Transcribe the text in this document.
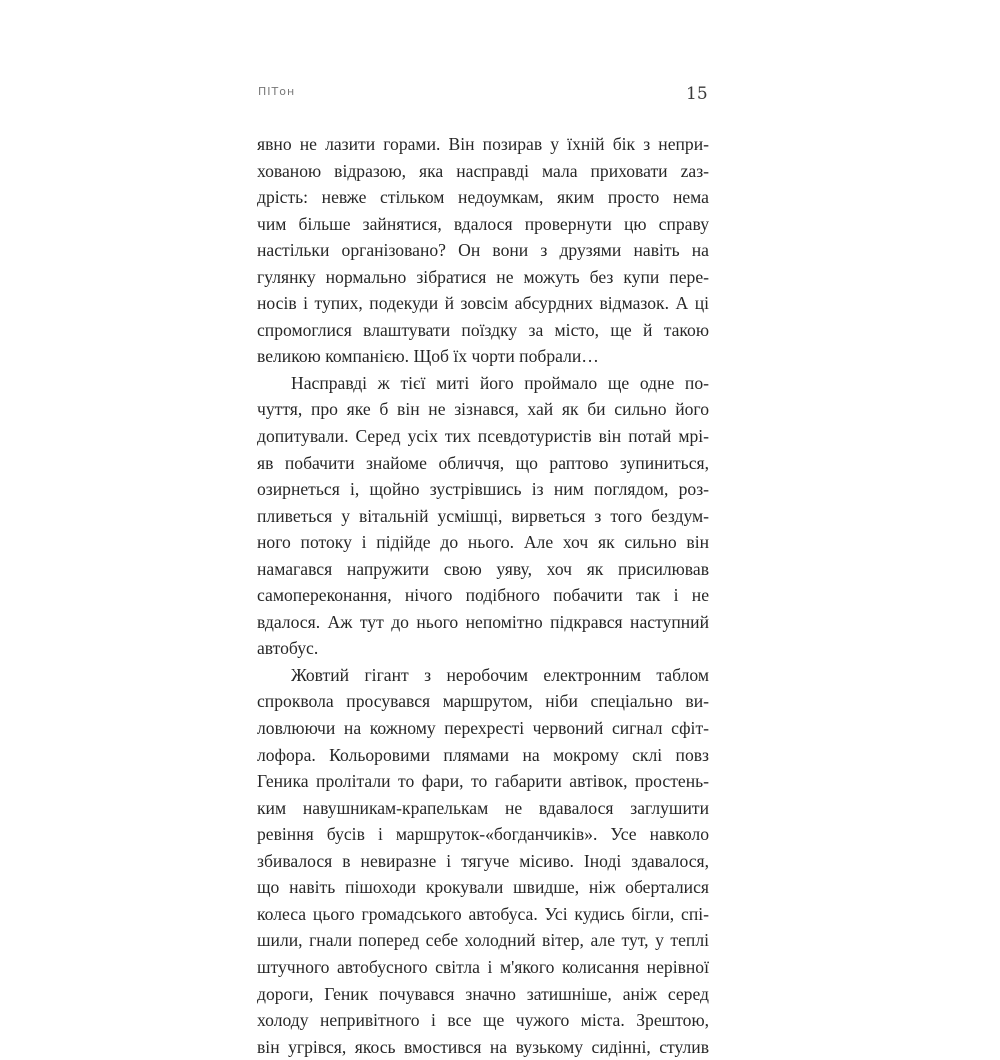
ПІТон	15
явно не лазити горами. Він позирав у їхній бік з непри-
хованою відразою, яка насправді мала приховати zaз-
дрість: невже стільком недоумкам, яким просто нема
чим більше зайнятися, вдалося провернути цю справу
настільки організовано? Он вони з друзями навіть на
гулянку нормально зібратися не можуть без купи пере-
носів і тупих, подекуди й зовсім абсурдних відмазок. А ці
спромоглися влаштувати поїздку за місто, ще й такою
великою компанією. Щоб їх чорти побрали…
Насправді ж тієї миті його проймало ще одне по-
чуття, про яке б він не зізнався, хай як би сильно його
допитували. Серед усіх тих псевдотуристів він потай мрі-
яв побачити знайоме обличчя, що раптово зупиниться,
озирнеться і, щойно зустрівшись із ним поглядом, роз-
пливеться у вітальній усмішці, вирветься з того бездум-
ного потоку і підійде до нього. Але хоч як сильно він
намагався напружити свою уяву, хоч як присилював
самопереконання, нічого подібного побачити так і не
вдалося. Аж тут до нього непомітно підкрався наступний
автобус.
Жовтий гігант з неробочим електронним таблом
спроквола просувався маршрутом, ніби спеціально ви-
ловлюючи на кожному перехресті червоний сигнал сфіт-
лофора. Кольоровими плямами на мокрому склі повз
Геника пролітали то фари, то габарити автівок, простень-
ким навушникам-крапелькам не вдавалося заглушити
ревіння бусів і маршруток-«богданчиків». Усе навколо
збивалося в невиразне і тягуче місиво. Іноді здавалося,
що навіть пішоходи крокували швидше, ніж оберталися
колеса цього громадського автобуса. Усі кудись бігли, спі-
шили, гнали поперед себе холодний вітер, але тут, у теплі
штучного автобусного світла і м'якого колисання нерівної
дороги, Геник почувався значно затишніше, аніж серед
холоду непривітного і все ще чужого міста. Зрештою,
він угрівся, якось вмостився на вузькому сидінні, стулив
